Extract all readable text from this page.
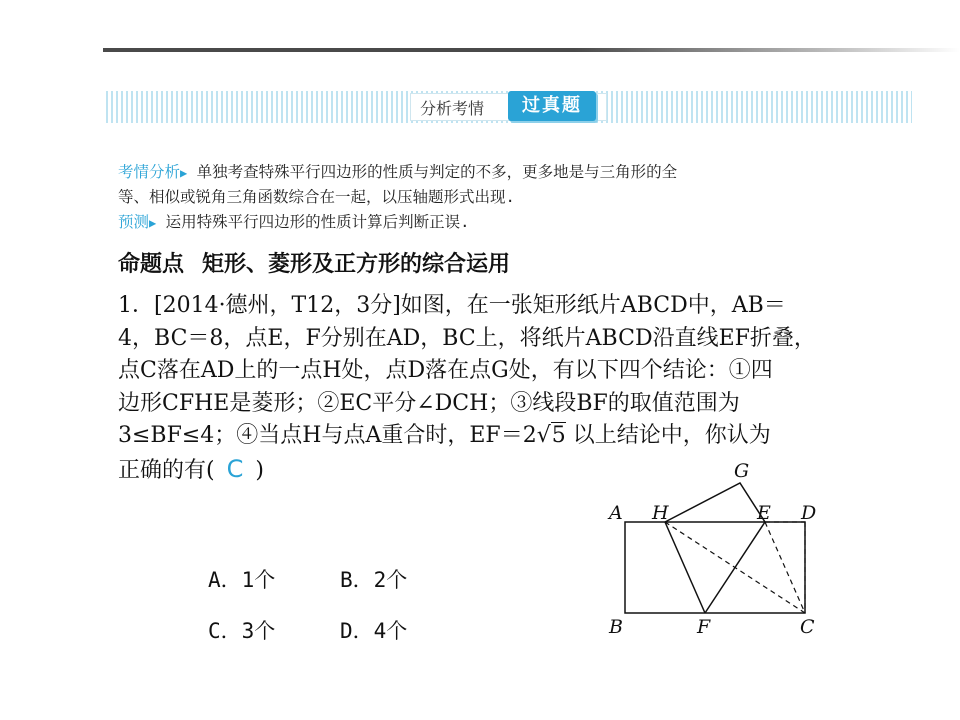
分析考情	过真题
考情分析▶ 单独考查特殊平行四边形的性质与判定的不多，更多地是与三角形的全
等、相似或锐角三角函数综合在一起，以压轴题形式出现.
预测▶ 运用特殊平行四边形的性质计算后判断正误.
命题点 矩形、菱形及正方形的综合运用
1．[2014·德州，T12，3分]如图，在一张矩形纸片ABCD中，AB＝
4，BC＝8，点E，F分别在AD，BC上，将纸片ABCD沿直线EF折叠，
点C落在AD上的一点H处，点D落在点G处，有以下四个结论：①四
边形CFHE是菱形；②EC平分∠DCH；③线段BF的取值范围为
3≤BF≤4；④当点H与点A重合时，EF＝2√5 以上结论中，你认为
正确的有( C )
A．1个	B．2个
C．3个	D．4个
A H	E D
G
B	F	C
